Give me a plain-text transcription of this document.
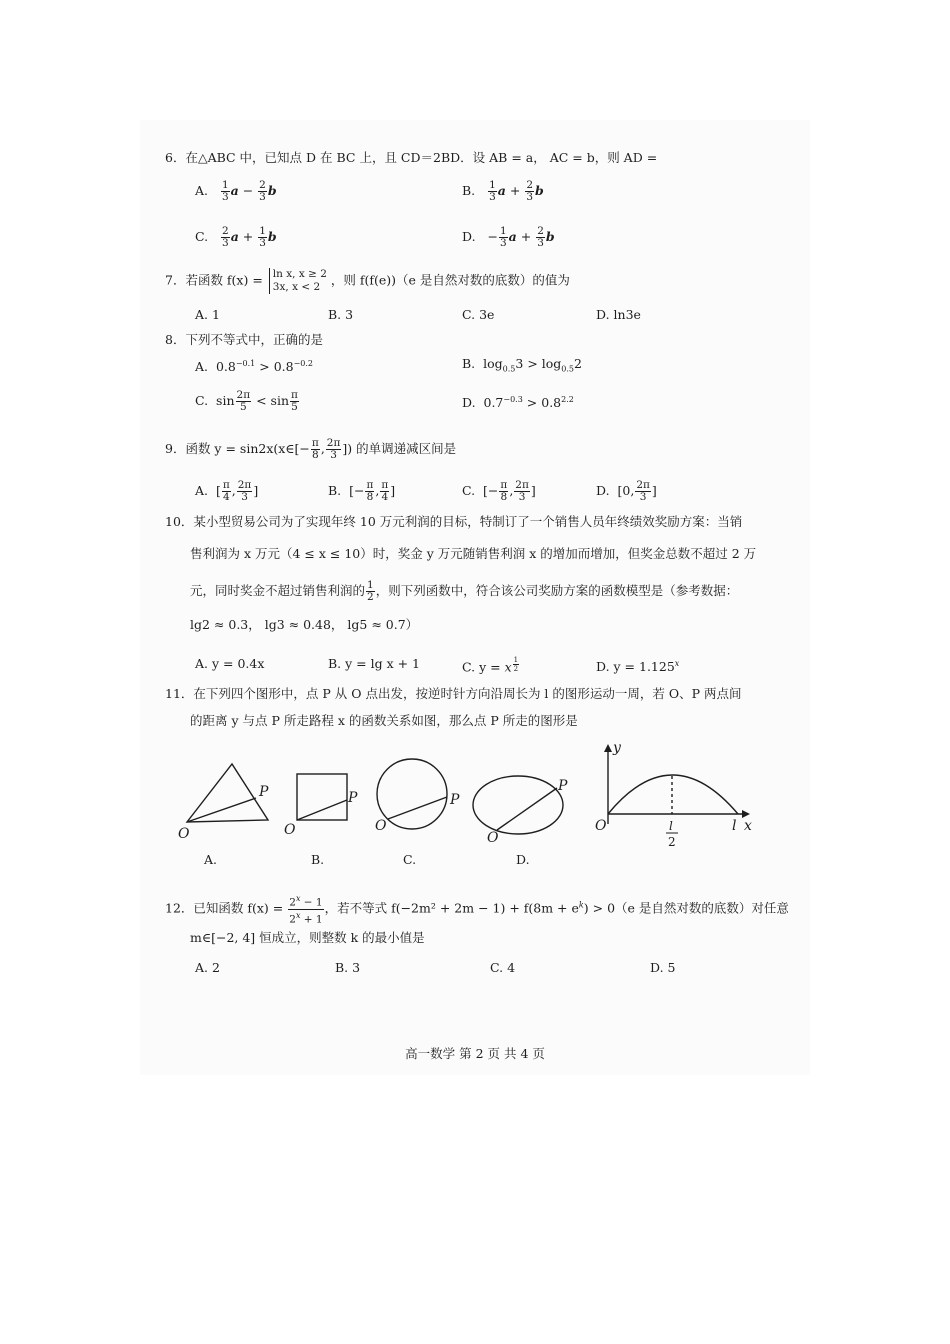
6．在△ABC 中，已知点 D 在 BC 上，且 CD＝2BD．设 AB = a， AC = b，则 AD =
A. $\frac{1}{3}$ $a - \frac{2}{3}$ b	B. $\frac{1}{3}$ $a + \frac{2}{3}$ b
C. $\frac{2}{3}$ $a + \frac{1}{3}$ b	D.   − $\frac{1}{3}$ $a + \frac{2}{3}$ b
7．若函数 f(x) = ln x, x ≥ 2
3x, x < 2 ，则 f(f(e))（e 是自然对数的底数）的值为
A. 1	B. 3	C. 3e	D. ln3e
8．下列不等式中，正确的是
A.  $0.8^{-0.1} > 0.8^{-0.2}$	B.  $\log_{0.5}3 > \log_{0.5}2$
C.  $\sin \frac{2\pi}{5} < \sin \frac{\pi}{5}$	D.  $0.7^{-0.3} > 0.8^{2.2}$
9．函数 y = sin2x(x∈[− $\frac{\pi}{8}$ , $\frac{2\pi}{3}$ ]) 的单调递减区间是
A.  [ $\frac{\pi}{4}$ , $\frac{2\pi}{3}$ ]	B.  [− $\frac{\pi}{8}$ , $\frac{\pi}{4}$ ]	C.  [− $\frac{\pi}{8}$ , $\frac{2\pi}{3}$ ]	D.  [0, $\frac{2\pi}{3}$ ]
10．某小型贸易公司为了实现年终 10 万元利润的目标，特制订了一个销售人员年终绩效奖励方案：当销
售利润为 x 万元（4 ≤ x ≤ 10）时，奖金 y 万元随销售利润 x 的增加而增加，但奖金总数不超过 2 万
元，同时奖金不超过销售利润的 $\frac{1}{2}$ ，则下列函数中，符合该公司奖励方案的函数模型是（参考数据：
lg2 ≈ 0.3， lg3 ≈ 0.48， lg5 ≈ 0.7）
A. y = 0.4x	B. y = lg x + 1	C. y = x $^{\frac{1}{2}}$	D. $y = 1.125^x$
11．在下列四个图形中，点 P 从 O 点出发，按逆时针方向沿周长为 l 的图形运动一周，若 O、P 两点间
的距离 y 与点 P 所走路程 x 的函数关系如图，那么点 P 所走的图形是
P
O
P
O
P
O
P
O
y
O	l x
l
2
A.	B.	C.	D.
12．已知函数 $f(x) = \frac{2^x - 1}{2^x + 1}$ ，若不等式 $f(-2m^2 + 2m - 1) + f(8m + e^k) > 0(e$ 是自然对数的底数）对任意
m∈[−2, 4] 恒成立，则整数 k 的最小值是
A. 2	B. 3	C. 4	D. 5
高一数学 第 2 页 共 4 页
